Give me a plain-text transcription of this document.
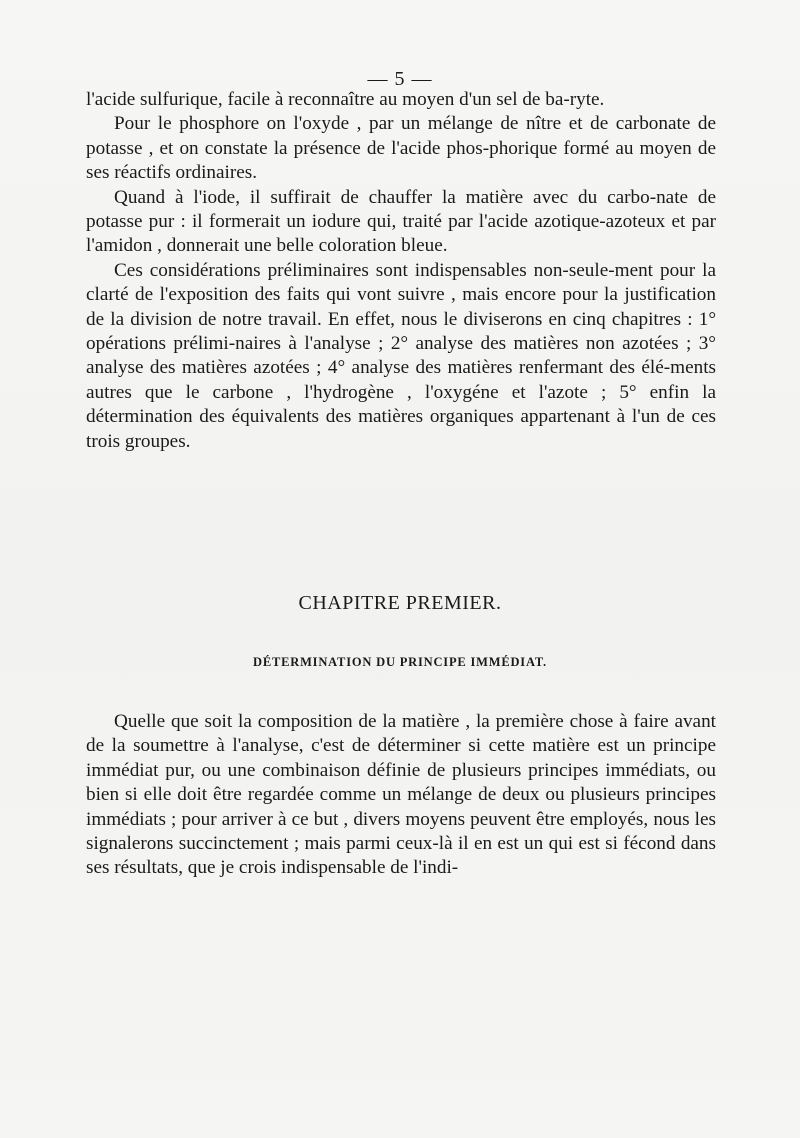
— 5 —

l'acide sulfurique, facile à reconnaître au moyen d'un sel de ba-ryte.

Pour le phosphore on l'oxyde , par un mélange de nître et de carbonate de potasse , et on constate la présence de l'acide phos-phorique formé au moyen de ses réactifs ordinaires.

Quand à l'iode, il suffirait de chauffer la matière avec du carbo-nate de potasse pur : il formerait un iodure qui, traité par l'acide azotique-azoteux et par l'amidon , donnerait une belle coloration bleue.

Ces considérations préliminaires sont indispensables non-seule-ment pour la clarté de l'exposition des faits qui vont suivre , mais encore pour la justification de la division de notre travail. En effet, nous le diviserons en cinq chapitres : 1° opérations prélimi-naires à l'analyse ; 2° analyse des matières non azotées ; 3° analyse des matières azotées ; 4° analyse des matières renfermant des élé-ments autres que le carbone , l'hydrogène , l'oxygéne et l'azote ; 5° enfin la détermination des équivalents des matières organiques appartenant à l'un de ces trois groupes.

CHAPITRE PREMIER.
DÉTERMINATION DU PRINCIPE IMMÉDIAT.

Quelle que soit la composition de la matière , la première chose à faire avant de la soumettre à l'analyse, c'est de déterminer si cette matière est un principe immédiat pur, ou une combinaison définie de plusieurs principes immédiats, ou bien si elle doit être regardée comme un mélange de deux ou plusieurs principes immédiats ; pour arriver à ce but , divers moyens peuvent être employés, nous les signalerons succinctement ; mais parmi ceux-là il en est un qui est si fécond dans ses résultats, que je crois indispensable de l'indi-
